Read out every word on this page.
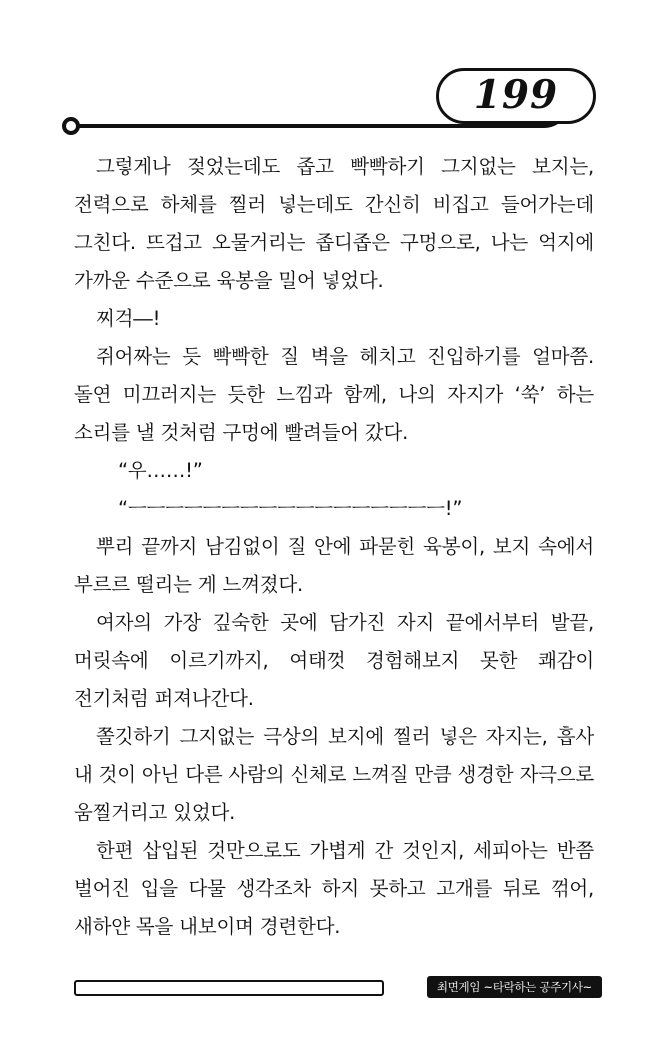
199

그렇게나 젖었는데도 좁고 빡빡하기 그지없는 보지는, 전력으로 하체를 찔러 넣는데도 간신히 비집고 들어가는데 그친다. 뜨겁고 오물거리는 좁디좁은 구멍으로, 나는 억지에 가까운 수준으로 육봉을 밀어 넣었다.

찌걱―!

쥐어짜는 듯 빡빡한 질 벽을 헤치고 진입하기를 얼마쯤. 돌연 미끄러지는 듯한 느낌과 함께, 나의 자지가 ‘쑥’ 하는 소리를 낼 것처럼 구멍에 빨려들어 갔다.

“우……!”

“ㅡㅡㅡㅡㅡㅡㅡㅡㅡㅡㅡㅡㅡㅡㅡㅡㅡ!”

뿌리 끝까지 남김없이 질 안에 파묻힌 육봉이, 보지 속에서 부르르 떨리는 게 느껴졌다.

여자의 가장 깊숙한 곳에 담가진 자지 끝에서부터 발끝, 머릿속에 이르기까지, 여태껏 경험해보지 못한 쾌감이 전기처럼 퍼져나간다.

쫄깃하기 그지없는 극상의 보지에 찔러 넣은 자지는, 흡사 내 것이 아닌 다른 사람의 신체로 느껴질 만큼 생경한 자극으로 움찔거리고 있었다.

한편 삽입된 것만으로도 가볍게 간 것인지, 세피아는 반쯤 벌어진 입을 다물 생각조차 하지 못하고 고개를 뒤로 꺾어, 새하얀 목을 내보이며 경련한다.

최면게임 ~타락하는 공주기사~
